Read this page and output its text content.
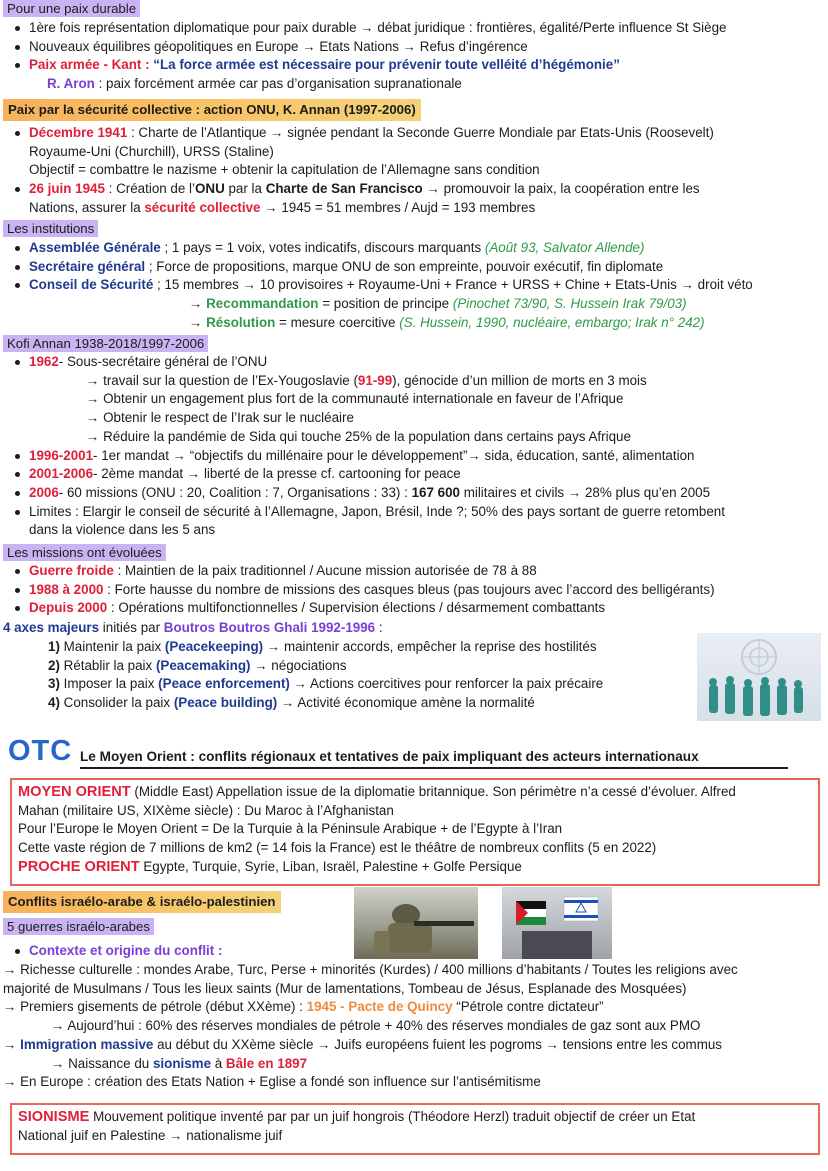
Pour une paix durable
1ère fois représentation diplomatique pour paix durable → débat juridique : frontières, égalité/Perte influence St Siège
Nouveaux équilibres géopolitiques en Europe → Etats Nations → Refus d’ingérence
Paix armée - Kant : “La force armée est nécessaire pour prévenir toute velléité d’hégémonie”
R. Aron : paix forcément armée car pas d’organisation supranationale
Paix par la sécurité collective : action ONU, K. Annan (1997-2006)
Décembre 1941 : Charte de l’Atlantique → signée pendant la Seconde Guerre Mondiale par Etats-Unis (Roosevelt)
Royaume-Uni (Churchill), URSS (Staline)
Objectif = combattre le nazisme + obtenir la capitulation de l’Allemagne sans condition
26 juin 1945 : Création de l’ONU par la Charte de San Francisco → promouvoir la paix, la coopération entre les
Nations, assurer la sécurité collective → 1945 = 51 membres / Aujd = 193 membres
Les institutions
Assemblée Générale ; 1 pays = 1 voix, votes indicatifs, discours marquants (Août 93, Salvator Allende)
Secrétaire général ; Force de propositions, marque ONU de son empreinte, pouvoir exécutif, fin diplomate
Conseil de Sécurité ; 15 membres → 10 provisoires + Royaume-Uni + France + URSS + Chine + Etats-Unis → droit véto
→ Recommandation = position de principe (Pinochet 73/90, S. Hussein Irak 79/03)
→ Résolution = mesure coercitive (S. Hussein, 1990, nucléaire, embargo; Irak n° 242)
Kofi Annan 1938-2018/1997-2006
1962- Sous-secrétaire général de l’ONU
→ travail sur la question de l’Ex-Yougoslavie (91-99), génocide d’un million de morts en 3 mois
→ Obtenir un engagement plus fort de la communauté internationale en faveur de l’Afrique
→ Obtenir le respect de l’Irak sur le nucléaire
→ Réduire la pandémie de Sida qui touche 25% de la population dans certains pays Afrique
1996-2001- 1er mandat → “objectifs du millénaire pour le développement”→ sida, éducation, santé, alimentation
2001-2006- 2ème mandat → liberté de la presse cf. cartooning for peace
2006- 60 missions (ONU : 20, Coalition : 7, Organisations : 33) : 167 600 militaires et civils → 28% plus qu’en 2005
Limites : Elargir le conseil de sécurité à l’Allemagne, Japon, Brésil, Inde ?; 50% des pays sortant de guerre retombent
dans la violence dans les 5 ans
Les missions ont évoluées
Guerre froide : Maintien de la paix traditionnel / Aucune mission autorisée de 78 à 88
1988 à 2000 : Forte hausse du nombre de missions des casques bleus (pas toujours avec l’accord des belligérants)
Depuis 2000 : Opérations multifonctionnelles / Supervision élections / désarmement combattants
4 axes majeurs initiés par Boutros Boutros Ghali 1992-1996 :
1) Maintenir la paix (Peacekeeping) → maintenir accords, empêcher la reprise des hostilités
2) Rétablir la paix (Peacemaking) → négociations
3) Imposer la paix (Peace enforcement) → Actions coercitives pour renforcer la paix précaire
4) Consolider la paix (Peace building) → Activité économique amène la normalité
OTC Le Moyen Orient : conflits régionaux et tentatives de paix impliquant des acteurs internationaux
MOYEN ORIENT (Middle East) Appellation issue de la diplomatie britannique. Son périmètre n’a cessé d’évoluer. Alfred
Mahan (militaire US, XIXème siècle) : Du Maroc à l’Afghanistan
Pour l’Europe le Moyen Orient = De la Turquie à la Péninsule Arabique + de l’Egypte à l’Iran
Cette vaste région de 7 millions de km2 (= 14 fois la France) est le théâtre de nombreux conflits (5 en 2022)
PROCHE ORIENT Egypte, Turquie, Syrie, Liban, Israël, Palestine + Golfe Persique
Conflits israélo-arabe & israélo-palestinien
5 guerres israélo-arabes
Contexte et origine du conflit :
→ Richesse culturelle : mondes Arabe, Turc, Perse + minorités (Kurdes) / 400 millions d’habitants / Toutes les religions avec
majorité de Musulmans / Tous les lieux saints (Mur de lamentations, Tombeau de Jésus, Esplanade des Mosquées)
→ Premiers gisements de pétrole (début XXème) : 1945 - Pacte de Quincy “Pétrole contre dictateur”
→ Aujourd’hui : 60% des réserves mondiales de pétrole + 40% des réserves mondiales de gaz sont aux PMO
→ Immigration massive au début du XXème siècle → Juifs européens fuient les pogroms → tensions entre les commus
→ Naissance du sionisme à Bâle en 1897
→ En Europe : création des Etats Nation + Eglise a fondé son influence sur l’antisémitisme
SIONISME Mouvement politique inventé par par un juif hongrois (Théodore Herzl) traduit objectif de créer un Etat
National juif en Palestine → nationalisme juif
